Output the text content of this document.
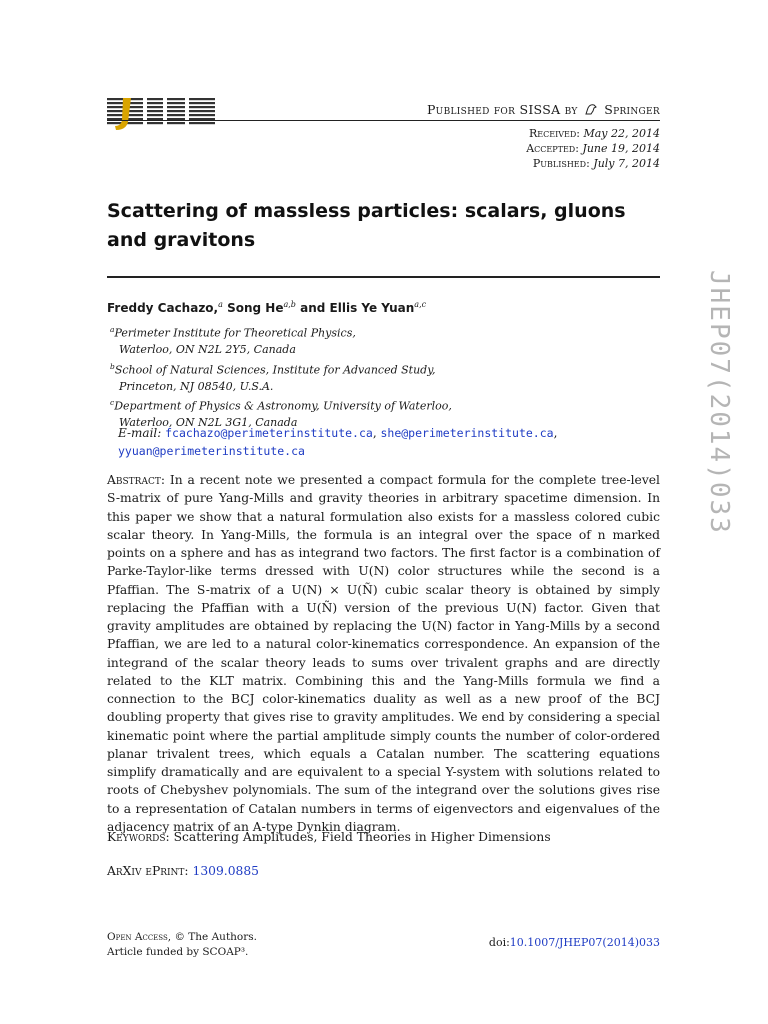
Published for SISSA by Springer
Received: May 22, 2014
Accepted: June 19, 2014
Published: July 7, 2014
Scattering of massless particles: scalars, gluons and gravitons
Freddy Cachazo,$^a$ Song He$^{a,b}$ and Ellis Ye Yuan$^{a,c}$
$^a$Perimeter Institute for Theoretical Physics,
Waterloo, ON N2L 2Y5, Canada
$^b$School of Natural Sciences, Institute for Advanced Study,
Princeton, NJ 08540, U.S.A.
$^c$Department of Physics & Astronomy, University of Waterloo,
Waterloo, ON N2L 3G1, Canada
E-mail: fcachazo@perimeterinstitute.ca, she@perimeterinstitute.ca,
yyuan@perimeterinstitute.ca

Abstract: In a recent note we presented a compact formula for the complete tree-level S-matrix of pure Yang-Mills and gravity theories in arbitrary spacetime dimension. In this paper we show that a natural formulation also exists for a massless colored cubic scalar theory. In Yang-Mills, the formula is an integral over the space of n marked points on a sphere and has as integrand two factors. The first factor is a combination of Parke-Taylor-like terms dressed with U(N) color structures while the second is a Pfaffian. The S-matrix of a U(N) × U(Ñ) cubic scalar theory is obtained by simply replacing the Pfaffian with a U(Ñ) version of the previous U(N) factor. Given that gravity amplitudes are obtained by replacing the U(N) factor in Yang-Mills by a second Pfaffian, we are led to a natural color-kinematics correspondence. An expansion of the integrand of the scalar theory leads to sums over trivalent graphs and are directly related to the KLT matrix. Combining this and the Yang-Mills formula we find a connection to the BCJ color-kinematics duality as well as a new proof of the BCJ doubling property that gives rise to gravity amplitudes. We end by considering a special kinematic point where the partial amplitude simply counts the number of color-ordered planar trivalent trees, which equals a Catalan number. The scattering equations simplify dramatically and are equivalent to a special Y-system with solutions related to roots of Chebyshev polynomials. The sum of the integrand over the solutions gives rise to a representation of Catalan numbers in terms of eigenvectors and eigenvalues of the adjacency matrix of an A-type Dynkin diagram.

Keywords: Scattering Amplitudes, Field Theories in Higher Dimensions
ArXiv ePrint: 1309.0885
Open Access, © The Authors.
Article funded by SCOAP³.
doi:10.1007/JHEP07(2014)033
JHEP07(2014)033
